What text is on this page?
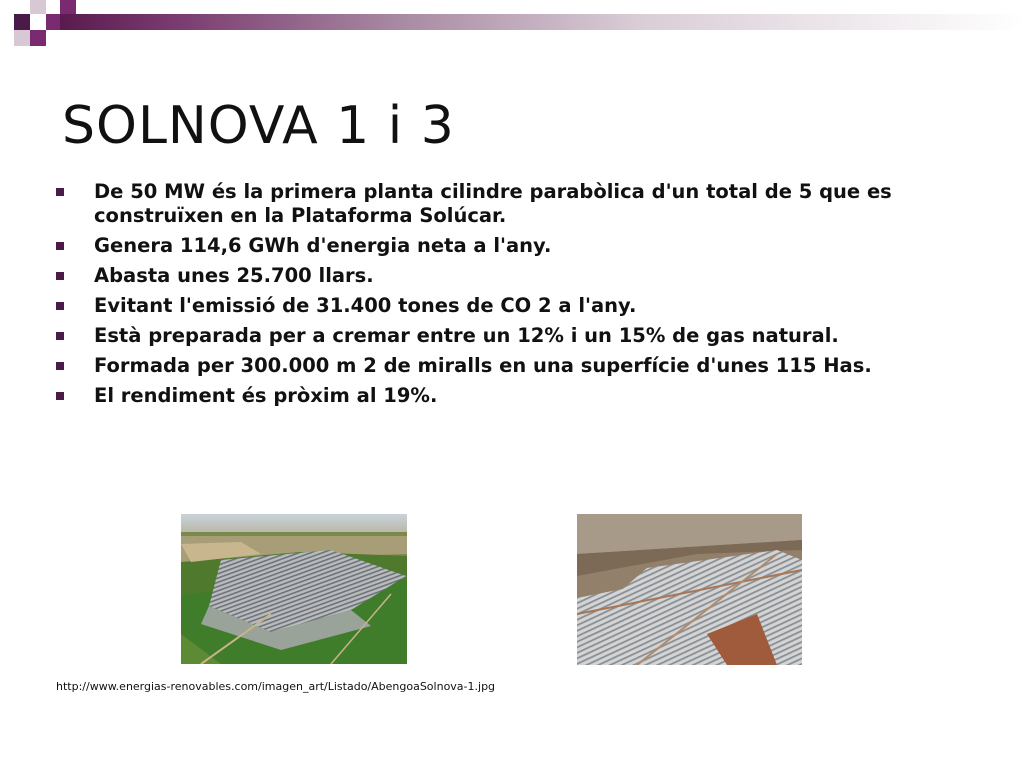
SOLNOVA 1 i 3
De 50 MW és la primera planta cilindre parabòlica d'un total de 5 que es construïxen en la Plataforma Solúcar.
Genera 114,6 GWh d'energia neta a l'any.
Abasta unes 25.700 llars.
Evitant l'emissió de 31.400 tones de CO 2 a l'any.
Està preparada per a cremar entre un 12% i un 15% de gas natural.
Formada per 300.000 m 2 de miralls en una superfície d'unes 115 Has.
El rendiment és pròxim al 19%.
http://www.energias-renovables.com/imagen_art/Listado/AbengoaSolnova-1.jpg
